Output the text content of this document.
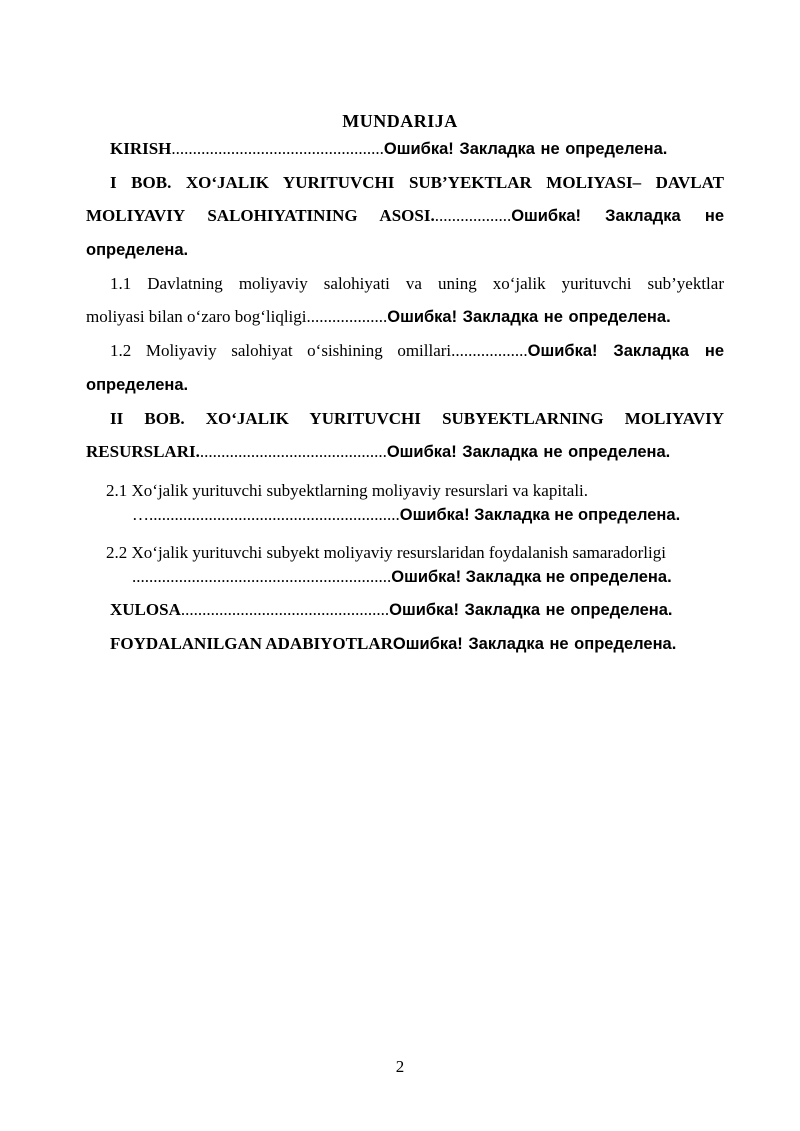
MUNDARIJA
KIRISH..................................................Ошибка! Закладка не определена.
I BOB. XO‘JALIK YURITUVCHI SUB’YEKTLAR MOLIYASI– DAVLAT
MOLIYAVIY SALOHIYATINING ASOSI...................Ошибка! Закладка не
определена.
1.1 Davlatning moliyaviy salohiyati va uning xo‘jalik yurituvchi sub’yektlar
moliyasi bilan o‘zaro bog‘liqligi...................Ошибка! Закладка не определена.
1.2 Moliyaviy salohiyat o‘sishining omillari..................Ошибка! Закладка не
определена.
II BOB. XO‘JALIK YURITUVCHI SUBYEKTLARNING MOLIYAVIY
RESURSLARI.............................................Ошибка! Закладка не определена.
2.1 Xo‘jalik yurituvchi subyektlarning moliyaviy resurslari va kapitali.
…...........................................................Ошибка! Закладка не определена.
2.2 Xo‘jalik yurituvchi subyekt moliyaviy resurslaridan foydalanish samaradorligi
.............................................................Ошибка! Закладка не определена.
XULOSA.................................................Ошибка! Закладка не определена.
FOYDALANILGAN ADABIYOTLARОшибка! Закладка не определена.
2
